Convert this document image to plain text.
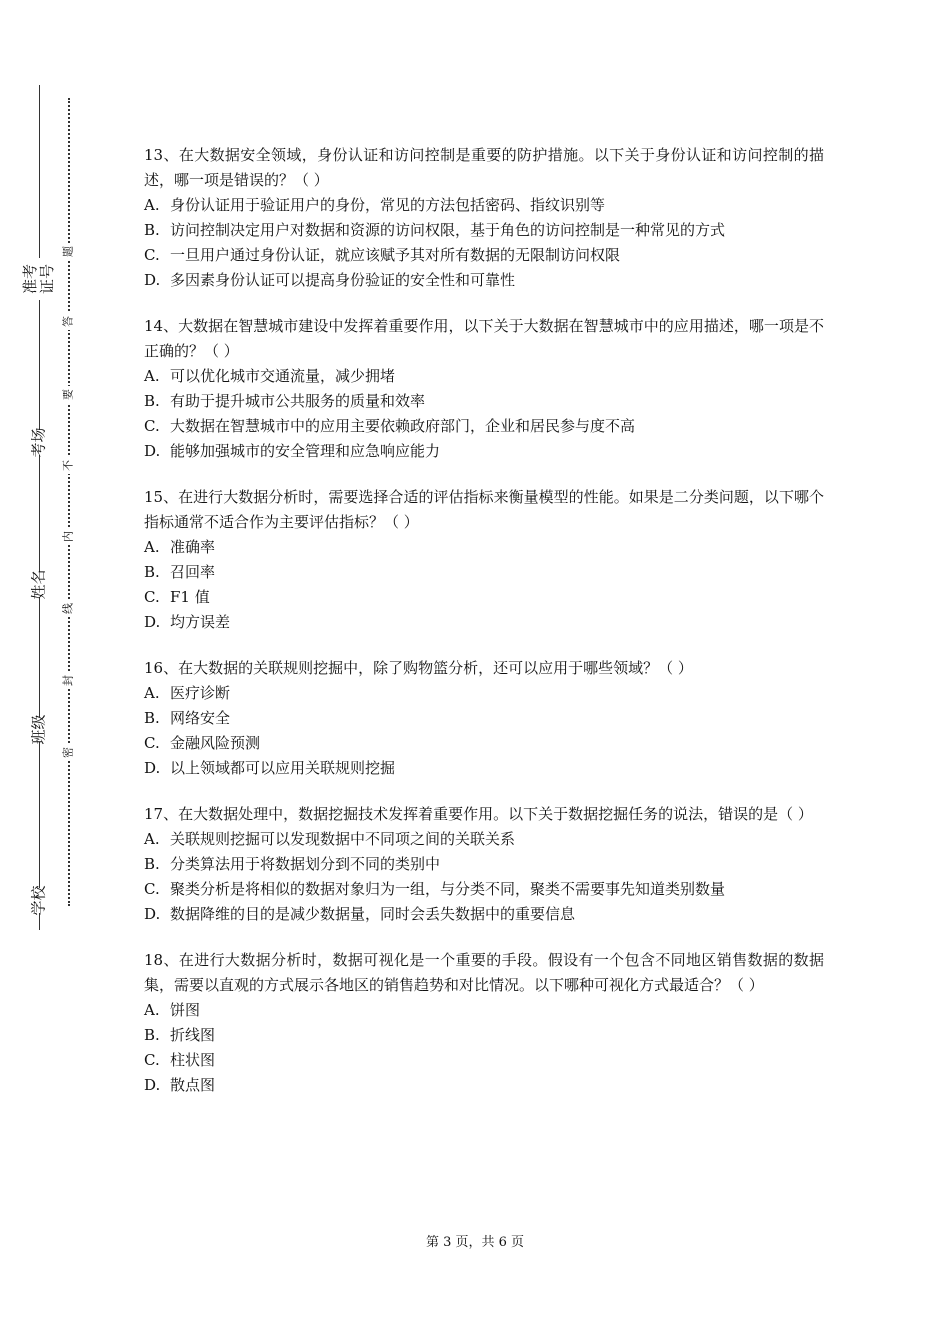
准考证号
考场
姓名
班级
学校
题
答
要
不
内
线
封
密
13、在大数据安全领域，身份认证和访问控制是重要的防护措施。以下关于身份认证和访问控制的描述，哪一项是错误的？（ ）
A. 身份认证用于验证用户的身份，常见的方法包括密码、指纹识别等
B. 访问控制决定用户对数据和资源的访问权限，基于角色的访问控制是一种常见的方式
C. 一旦用户通过身份认证，就应该赋予其对所有数据的无限制访问权限
D. 多因素身份认证可以提高身份验证的安全性和可靠性
14、大数据在智慧城市建设中发挥着重要作用，以下关于大数据在智慧城市中的应用描述，哪一项是不正确的？（ ）
A. 可以优化城市交通流量，减少拥堵
B. 有助于提升城市公共服务的质量和效率
C. 大数据在智慧城市中的应用主要依赖政府部门，企业和居民参与度不高
D. 能够加强城市的安全管理和应急响应能力
15、在进行大数据分析时，需要选择合适的评估指标来衡量模型的性能。如果是二分类问题，以下哪个指标通常不适合作为主要评估指标？（ ）
A. 准确率
B. 召回率
C. F1 值
D. 均方误差
16、在大数据的关联规则挖掘中，除了购物篮分析，还可以应用于哪些领域？（ ）
A. 医疗诊断
B. 网络安全
C. 金融风险预测
D. 以上领域都可以应用关联规则挖掘
17、在大数据处理中，数据挖掘技术发挥着重要作用。以下关于数据挖掘任务的说法，错误的是（ ）
A. 关联规则挖掘可以发现数据中不同项之间的关联关系
B. 分类算法用于将数据划分到不同的类别中
C. 聚类分析是将相似的数据对象归为一组，与分类不同，聚类不需要事先知道类别数量
D. 数据降维的目的是减少数据量，同时会丢失数据中的重要信息
18、在进行大数据分析时，数据可视化是一个重要的手段。假设有一个包含不同地区销售数据的数据集，需要以直观的方式展示各地区的销售趋势和对比情况。以下哪种可视化方式最适合？（ ）
A. 饼图
B. 折线图
C. 柱状图
D. 散点图
第 3 页，共 6 页
